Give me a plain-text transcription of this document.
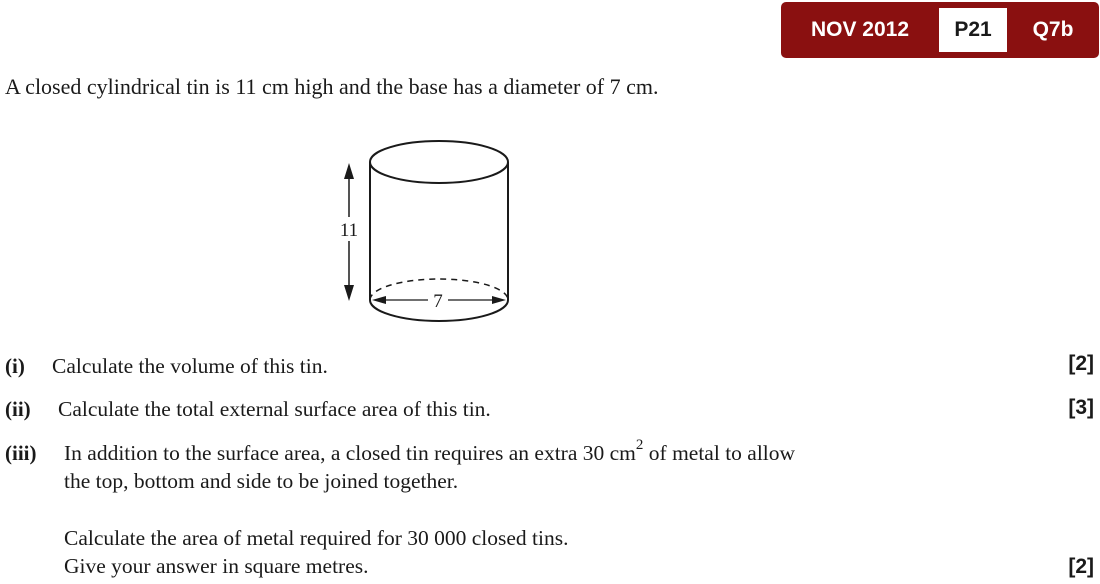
NOV 2012	P21	Q7b
A closed cylindrical tin is 11 cm high and the base has a diameter of 7 cm.
11
7
(i) Calculate the volume of this tin.	[2]
(ii) Calculate the total external surface area of this tin.	[3]
(iii) In addition to the surface area, a closed tin requires an extra 30 $cm^2$ of metal to allow
the top, bottom and side to be joined together.
Calculate the area of metal required for 30 000 closed tins.
Give your answer in square metres.	[2]
